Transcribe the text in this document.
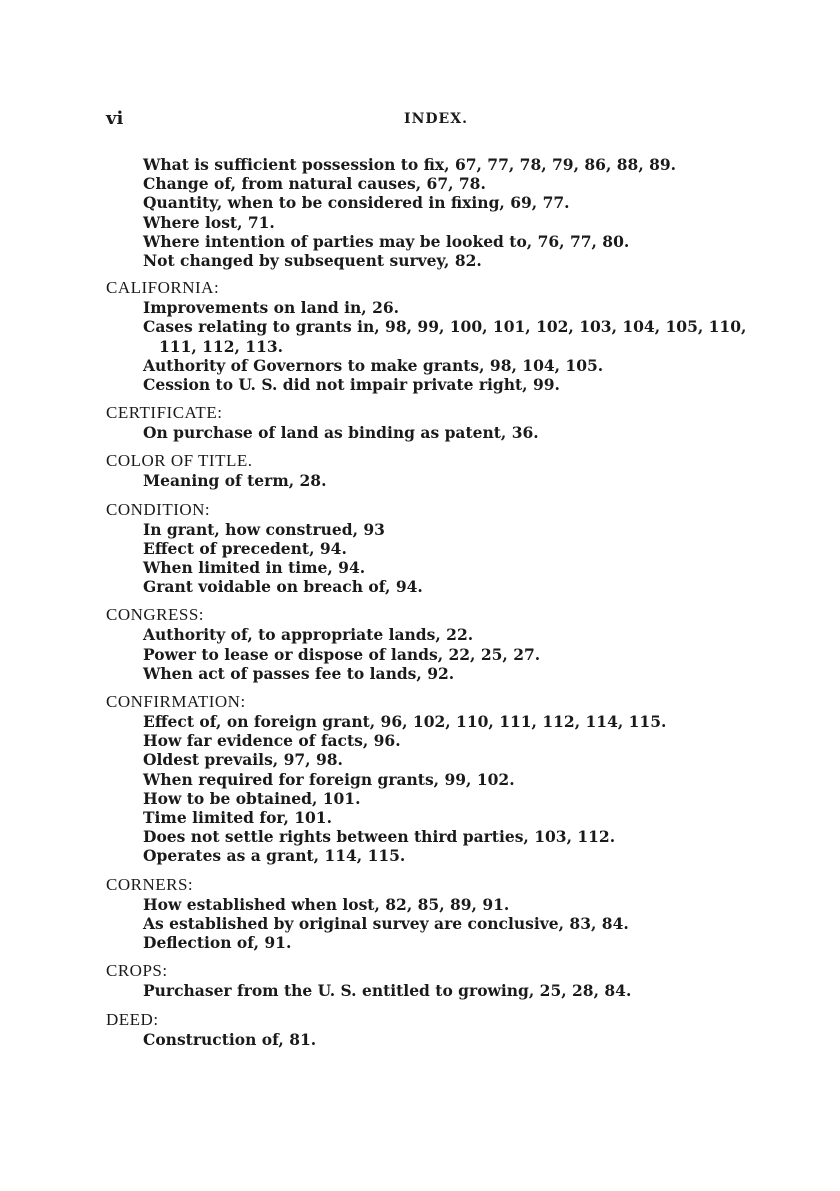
vi	INDEX.
What is sufficient possession to fix, 67, 77, 78, 79, 86, 88, 89.
Change of, from natural causes, 67, 78.
Quantity, when to be considered in fixing, 69, 77.
Where lost, 71.
Where intention of parties may be looked to, 76, 77, 80.
Not changed by subsequent survey, 82.
CALIFORNIA:
Improvements on land in, 26.
Cases relating to grants in, 98, 99, 100, 101, 102, 103, 104, 105, 110, 111, 112, 113.
Authority of Governors to make grants, 98, 104, 105.
Cession to U. S. did not impair private right, 99.
CERTIFICATE:
On purchase of land as binding as patent, 36.
COLOR OF TITLE.
Meaning of term, 28.
CONDITION:
In grant, how construed, 93
Effect of precedent, 94.
When limited in time, 94.
Grant voidable on breach of, 94.
CONGRESS:
Authority of, to appropriate lands, 22.
Power to lease or dispose of lands, 22, 25, 27.
When act of passes fee to lands, 92.
CONFIRMATION:
Effect of, on foreign grant, 96, 102, 110, 111, 112, 114, 115.
How far evidence of facts, 96.
Oldest prevails, 97, 98.
When required for foreign grants, 99, 102.
How to be obtained, 101.
Time limited for, 101.
Does not settle rights between third parties, 103, 112.
Operates as a grant, 114, 115.
CORNERS:
How established when lost, 82, 85, 89, 91.
As established by original survey are conclusive, 83, 84.
Deflection of, 91.
CROPS:
Purchaser from the U. S. entitled to growing, 25, 28, 84.
DEED:
Construction of, 81.
